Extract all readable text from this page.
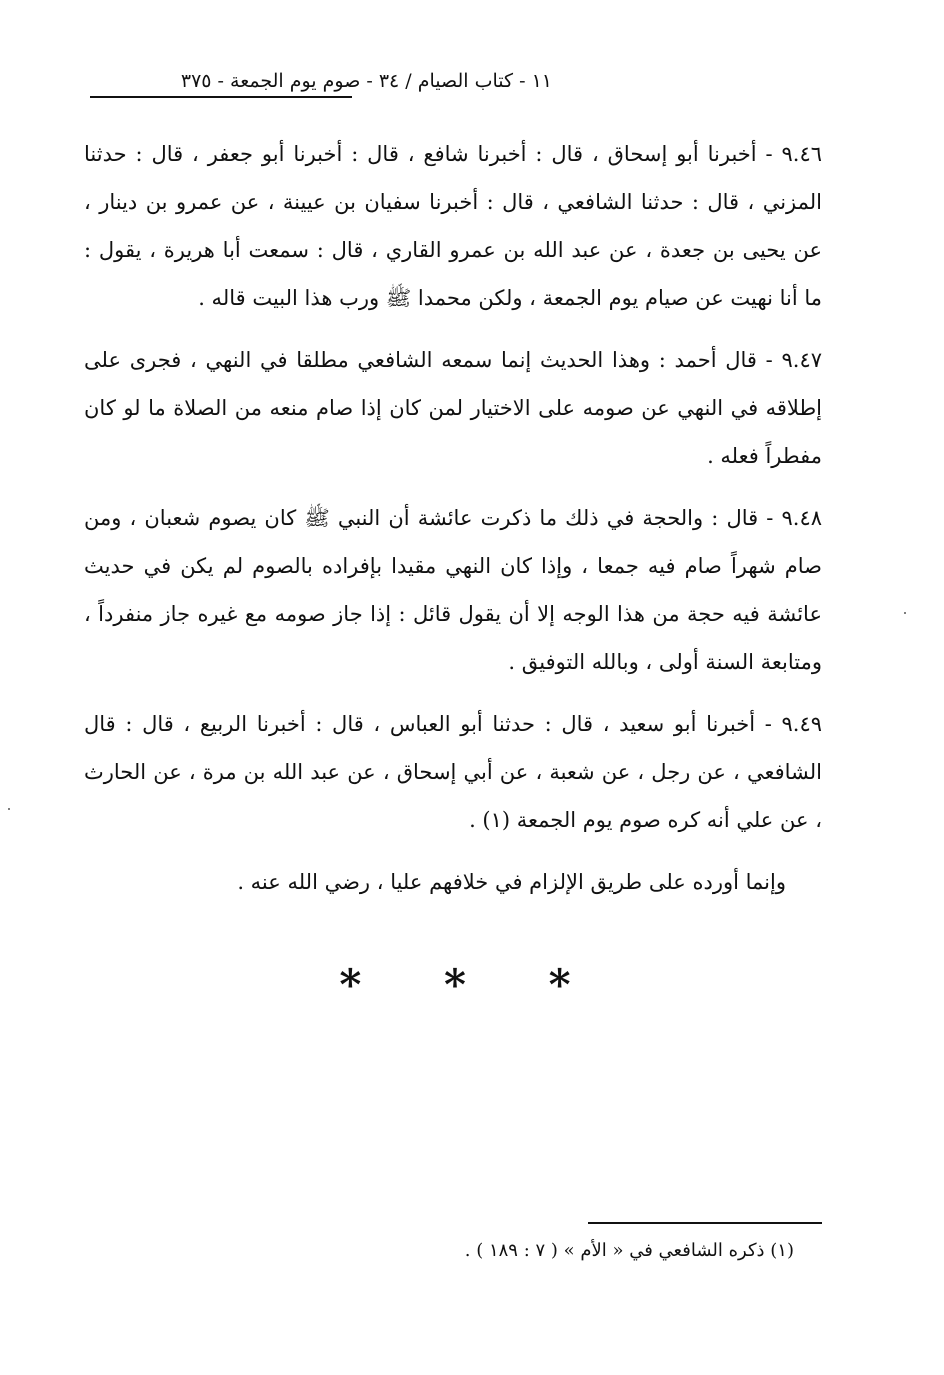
١١ - كتاب الصيام / ٣٤ - صوم يوم الجمعة - ٣٧٥

٩.٤٦ - أخبرنا أبو إسحاق ، قال : أخبرنا شافع ، قال : أخبرنا أبو جعفر ، قال : حدثنا المزني ، قال : حدثنا الشافعي ، قال : أخبرنا سفيان بن عيينة ، عن عمرو بن دينار ، عن يحيى بن جعدة ، عن عبد الله بن عمرو القاري ، قال : سمعت أبا هريرة ، يقول : ما أنا نهيت عن صيام يوم الجمعة ، ولكن محمدا ﷺ ورب هذا البيت قاله .

٩.٤٧ - قال أحمد : وهذا الحديث إنما سمعه الشافعي مطلقا في النهي ، فجرى على إطلاقه في النهي عن صومه على الاختيار لمن كان إذا صام منعه من الصلاة ما لو كان مفطراً فعله .

٩.٤٨ - قال : والحجة في ذلك ما ذكرت عائشة أن النبي ﷺ كان يصوم شعبان ، ومن صام شهراً صام فيه جمعا ، وإذا كان النهي مقيدا بإفراده بالصوم لم يكن في حديث عائشة فيه حجة من هذا الوجه إلا أن يقول قائل : إذا جاز صومه مع غيره جاز منفرداً ، ومتابعة السنة أولى ، وبالله التوفيق .

٩.٤٩ - أخبرنا أبو سعيد ، قال : حدثنا أبو العباس ، قال : أخبرنا الربيع ، قال : قال الشافعي ، عن رجل ، عن شعبة ، عن أبي إسحاق ، عن عبد الله بن مرة ، عن الحارث ، عن علي أنه كره صوم يوم الجمعة (١) .

وإنما أورده على طريق الإلزام في خلافهم عليا ، رضي الله عنه .

* * *
(١) ذكره الشافعي في « الأم » ( ٧ : ١٨٩ ) .
